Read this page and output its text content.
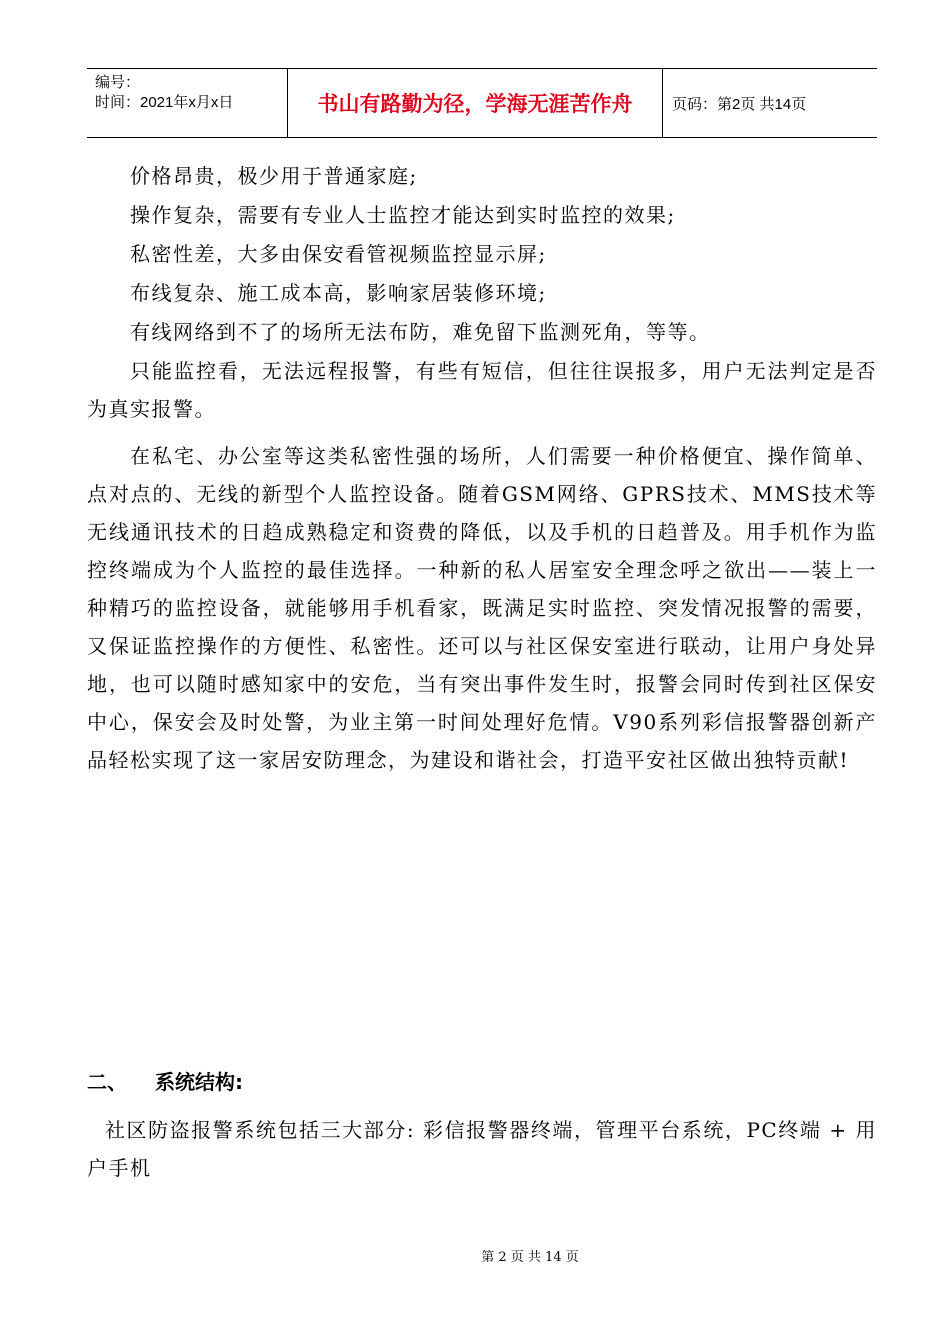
编号：
时间：2021年x月x日	书山有路勤为径，学海无涯苦作舟	页码：第2页 共14页

价格昂贵，极少用于普通家庭;

操作复杂，需要有专业人士监控才能达到实时监控的效果;

私密性差，大多由保安看管视频监控显示屏;

布线复杂、施工成本高，影响家居装修环境;

有线网络到不了的场所无法布防，难免留下监测死角，等等。

只能监控看，无法远程报警，有些有短信，但往往误报多，用户无法判定是否为真实报警。

在私宅、办公室等这类私密性强的场所，人们需要一种价格便宜、操作简单、点对点的、无线的新型个人监控设备。随着GSM网络、GPRS技术、MMS技术等无线通讯技术的日趋成熟稳定和资费的降低，以及手机的日趋普及。用手机作为监控终端成为个人监控的最佳选择。一种新的私人居室安全理念呼之欲出——装上一种精巧的监控设备，就能够用手机看家，既满足实时监控、突发情况报警的需要，又保证监控操作的方便性、私密性。还可以与社区保安室进行联动，让用户身处异地，也可以随时感知家中的安危，当有突出事件发生时，报警会同时传到社区保安中心，保安会及时处警，为业主第一时间处理好危情。V90系列彩信报警器创新产品轻松实现了这一家居安防理念，为建设和谐社会，打造平安社区做出独特贡献!

二、 系统结构:

社区防盗报警系统包括三大部分: 彩信报警器终端，管理平台系统，PC终端 + 用户手机

第 2 页 共 14 页
